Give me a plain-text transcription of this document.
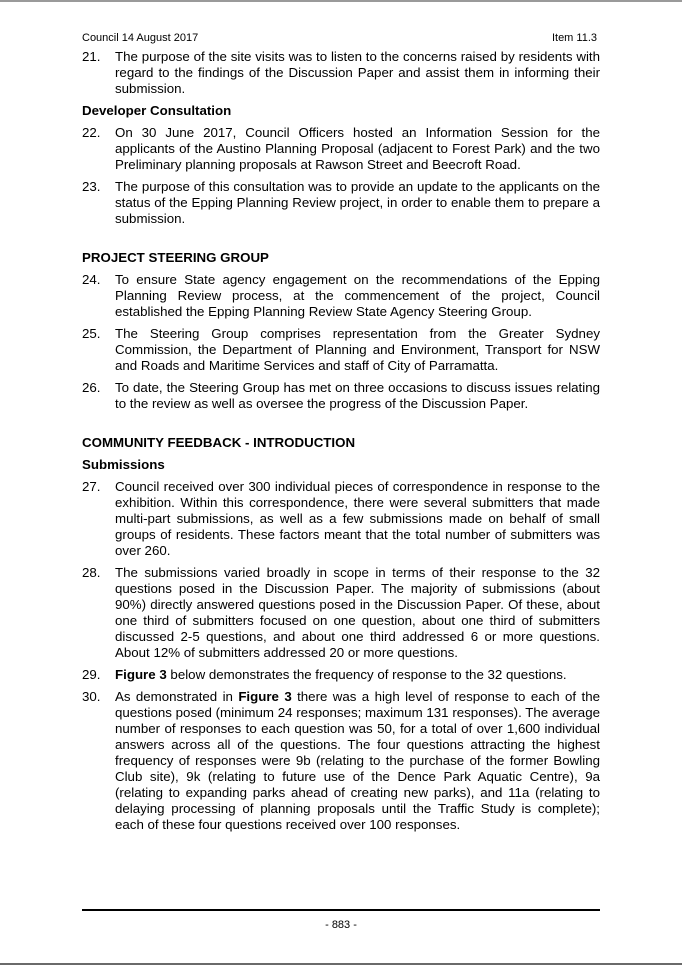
Council 14 August 2017	Item 11.3
21.	The purpose of the site visits was to listen to the concerns raised by residents with regard to the findings of the Discussion Paper and assist them in informing their submission.
Developer Consultation
22.	On 30 June 2017, Council Officers hosted an Information Session for the applicants of the Austino Planning Proposal (adjacent to Forest Park) and the two Preliminary planning proposals at Rawson Street and Beecroft Road.
23.	The purpose of this consultation was to provide an update to the applicants on the status of the Epping Planning Review project, in order to enable them to prepare a submission.
PROJECT STEERING GROUP
24.	To ensure State agency engagement on the recommendations of the Epping Planning Review process, at the commencement of the project, Council established the Epping Planning Review State Agency Steering Group.
25.	The Steering Group comprises representation from the Greater Sydney Commission, the Department of Planning and Environment, Transport for NSW and Roads and Maritime Services and staff of City of Parramatta.
26.	To date, the Steering Group has met on three occasions to discuss issues relating to the review as well as oversee the progress of the Discussion Paper.
COMMUNITY FEEDBACK - INTRODUCTION
Submissions
27.	Council received over 300 individual pieces of correspondence in response to the exhibition. Within this correspondence, there were several submitters that made multi-part submissions, as well as a few submissions made on behalf of small groups of residents. These factors meant that the total number of submitters was over 260.
28.	The submissions varied broadly in scope in terms of their response to the 32 questions posed in the Discussion Paper. The majority of submissions (about 90%) directly answered questions posed in the Discussion Paper. Of these, about one third of submitters focused on one question, about one third of submitters discussed 2-5 questions, and about one third addressed 6 or more questions. About 12% of submitters addressed 20 or more questions.
29.	Figure 3 below demonstrates the frequency of response to the 32 questions.
30.	As demonstrated in Figure 3 there was a high level of response to each of the questions posed (minimum 24 responses; maximum 131 responses). The average number of responses to each question was 50, for a total of over 1,600 individual answers across all of the questions. The four questions attracting the highest frequency of responses were 9b (relating to the purchase of the former Bowling Club site), 9k (relating to future use of the Dence Park Aquatic Centre), 9a (relating to expanding parks ahead of creating new parks), and 11a (relating to delaying processing of planning proposals until the Traffic Study is complete); each of these four questions received over 100 responses.
- 883 -
